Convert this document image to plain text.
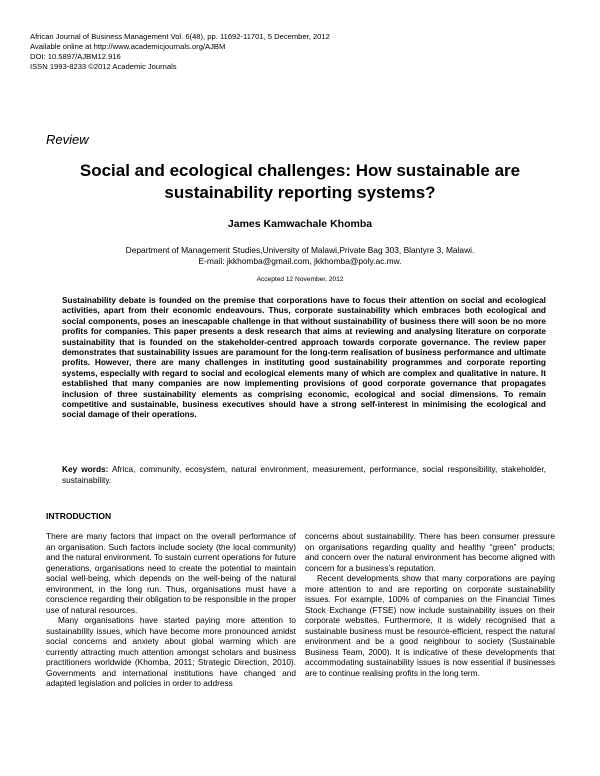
African Journal of Business Management Vol. 6(48), pp. 11692-11701, 5 December, 2012
Available online at http://www.academicjournals.org/AJBM
DOI: 10.5897/AJBM12.916
ISSN 1993-8233 ©2012 Academic Journals
Review
Social and ecological challenges: How sustainable are sustainability reporting systems?
James Kamwachale Khomba
Department of Management Studies,University of Malawi,Private Bag 303, Blantyre 3, Malawi.
E-mail: jkkhomba@gmail.com, jkkhomba@poly.ac.mw.
Accepted 12 November, 2012

Sustainability debate is founded on the premise that corporations have to focus their attention on social and ecological activities, apart from their economic endeavours. Thus, corporate sustainability which embraces both ecological and social components, poses an inescapable challenge in that without sustainability of business there will soon be no more profits for companies. This paper presents a desk research that aims at reviewing and analysing literature on corporate sustainability that is founded on the stakeholder-centred approach towards corporate governance. The review paper demonstrates that sustainability issues are paramount for the long-term realisation of business performance and ultimate profits. However, there are many challenges in instituting good sustainability programmes and corporate reporting systems, especially with regard to social and ecological elements many of which are complex and qualitative in nature. It established that many companies are now implementing provisions of good corporate governance that propagates inclusion of three sustainability elements as comprising economic, ecological and social dimensions. To remain competitive and sustainable, business executives should have a strong self-interest in minimising the ecological and social damage of their operations.

Key words: Africa, community, ecosystem, natural environment, measurement, performance, social responsibility, stakeholder, sustainability.

INTRODUCTION

There are many factors that impact on the overall performance of an organisation. Such factors include society (the local community) and the natural environment. To sustain current operations for future generations, organisations need to create the potential to maintain social well-being, which depends on the well-being of the natural environment, in the long run. Thus, organisations must have a conscience regarding their obligation to be responsible in the proper use of natural resources.

Many organisations have started paying more attention to sustainability issues, which have become more pronounced amidst social concerns and anxiety about global warming which are currently attracting much attention amongst scholars and business practitioners worldwide (Khomba, 2011; Strategic Direction, 2010). Governments and international institutions have changed and adapted legislation and policies in order to address

concerns about sustainability. There has been consumer pressure on organisations regarding quality and healthy “green” products; and concern over the natural environment has become aligned with concern for a business’s reputation.

Recent developments show that many corporations are paying more attention to and are reporting on corporate sustainability issues. For example, 100% of companies on the Financial Times Stock Exchange (FTSE) now include sustainability issues on their corporate websites. Furthermore, it is widely recognised that a sustainable business must be resource-efficient, respect the natural environment and be a good neighbour to society (Sustainable Business Team, 2000). It is indicative of these developments that accommodating sustainability issues is now essential if businesses are to continue realising profits in the long term.
